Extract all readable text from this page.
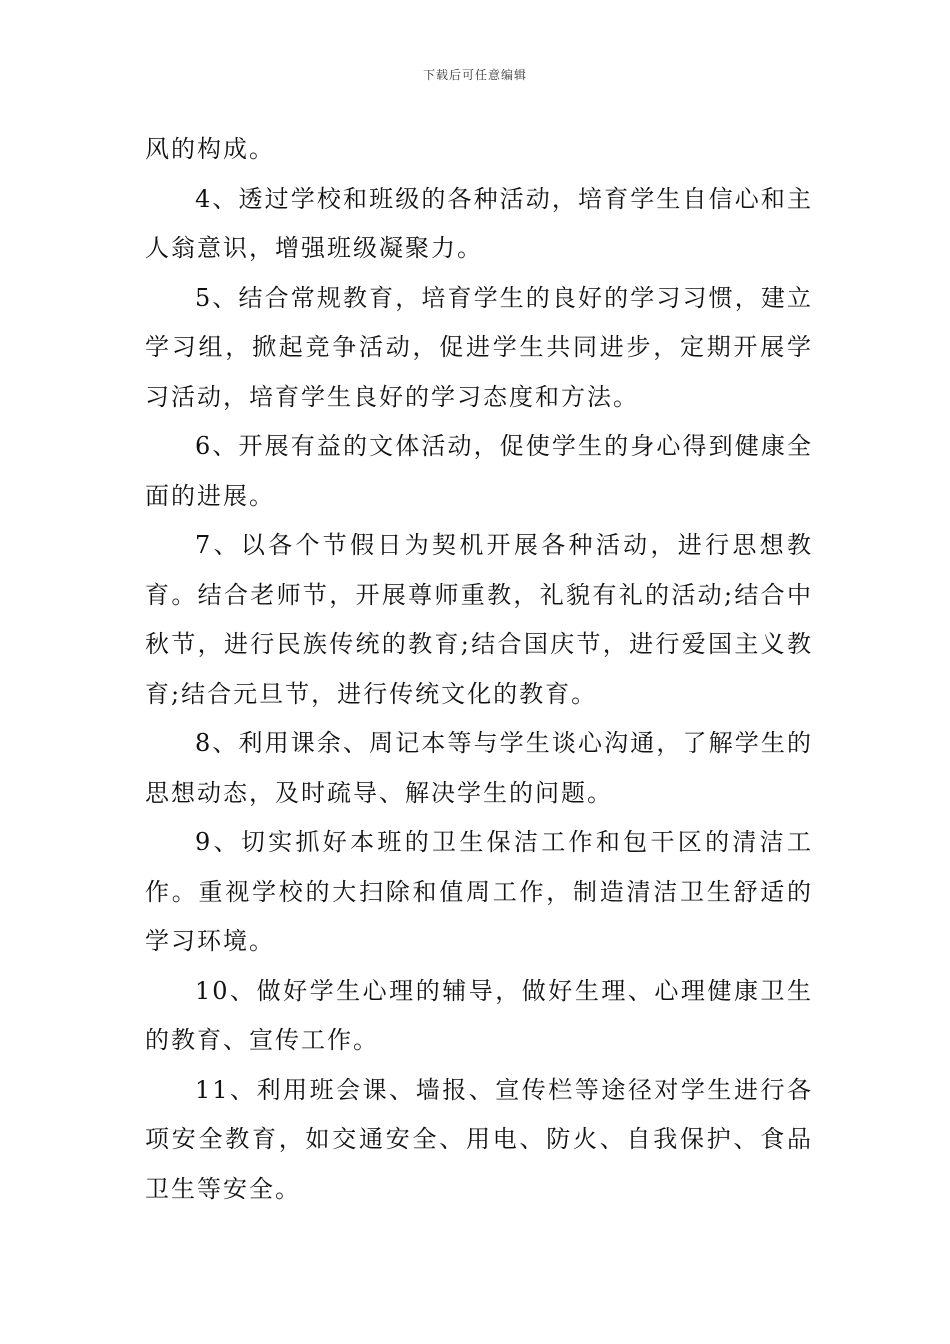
下载后可任意编辑

风的构成。

4、透过学校和班级的各种活动，培育学生自信心和主人翁意识，增强班级凝聚力。

5、结合常规教育，培育学生的良好的学习习惯，建立学习组，掀起竞争活动，促进学生共同进步，定期开展学习活动，培育学生良好的学习态度和方法。

6、开展有益的文体活动，促使学生的身心得到健康全面的进展。

7、以各个节假日为契机开展各种活动，进行思想教育。结合老师节，开展尊师重教，礼貌有礼的活动;结合中秋节，进行民族传统的教育;结合国庆节，进行爱国主义教育;结合元旦节，进行传统文化的教育。

8、利用课余、周记本等与学生谈心沟通，了解学生的思想动态，及时疏导、解决学生的问题。

9、切实抓好本班的卫生保洁工作和包干区的清洁工作。重视学校的大扫除和值周工作，制造清洁卫生舒适的学习环境。

10、做好学生心理的辅导，做好生理、心理健康卫生的教育、宣传工作。

11、利用班会课、墙报、宣传栏等途径对学生进行各项安全教育，如交通安全、用电、防火、自我保护、食品卫生等安全。
